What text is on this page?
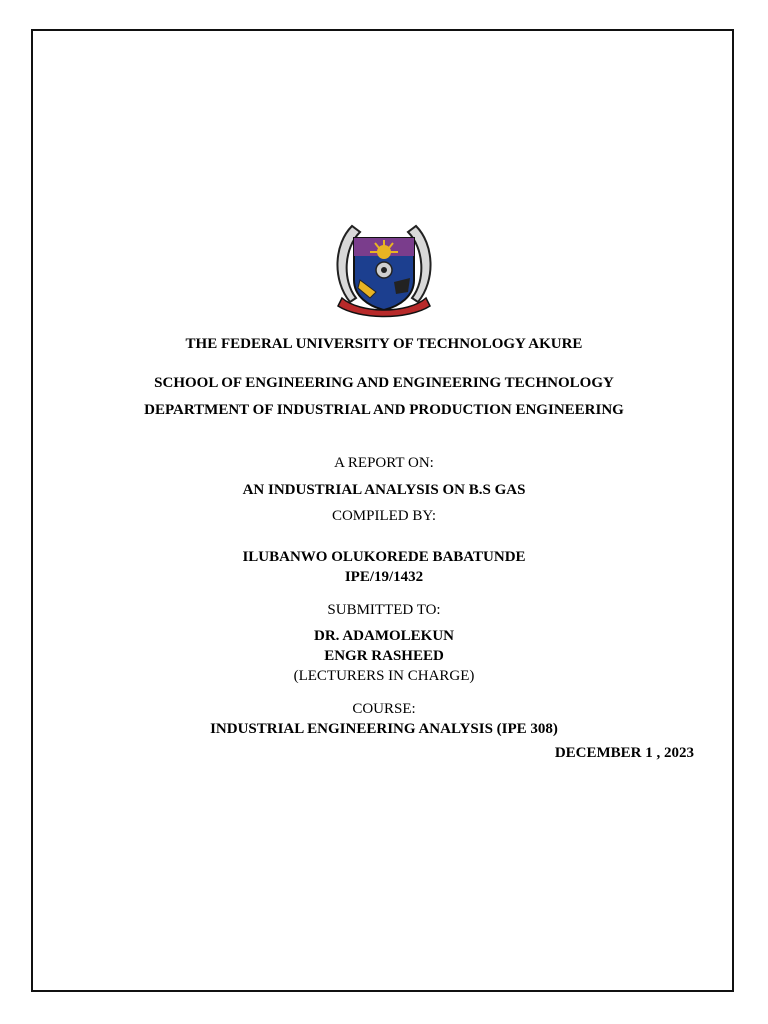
THE FEDERAL UNIVERSITY OF TECHNOLOGY AKURE
SCHOOL OF ENGINEERING AND ENGINEERING TECHNOLOGY
DEPARTMENT OF INDUSTRIAL AND PRODUCTION ENGINEERING
A REPORT ON:
AN INDUSTRIAL ANALYSIS ON B.S GAS
COMPILED BY:
ILUBANWO OLUKOREDE BABATUNDE
IPE/19/1432
SUBMITTED TO:
DR. ADAMOLEKUN
ENGR RASHEED
(LECTURERS IN CHARGE)
COURSE:
INDUSTRIAL ENGINEERING ANALYSIS (IPE 308)
DECEMBER 1 , 2023
